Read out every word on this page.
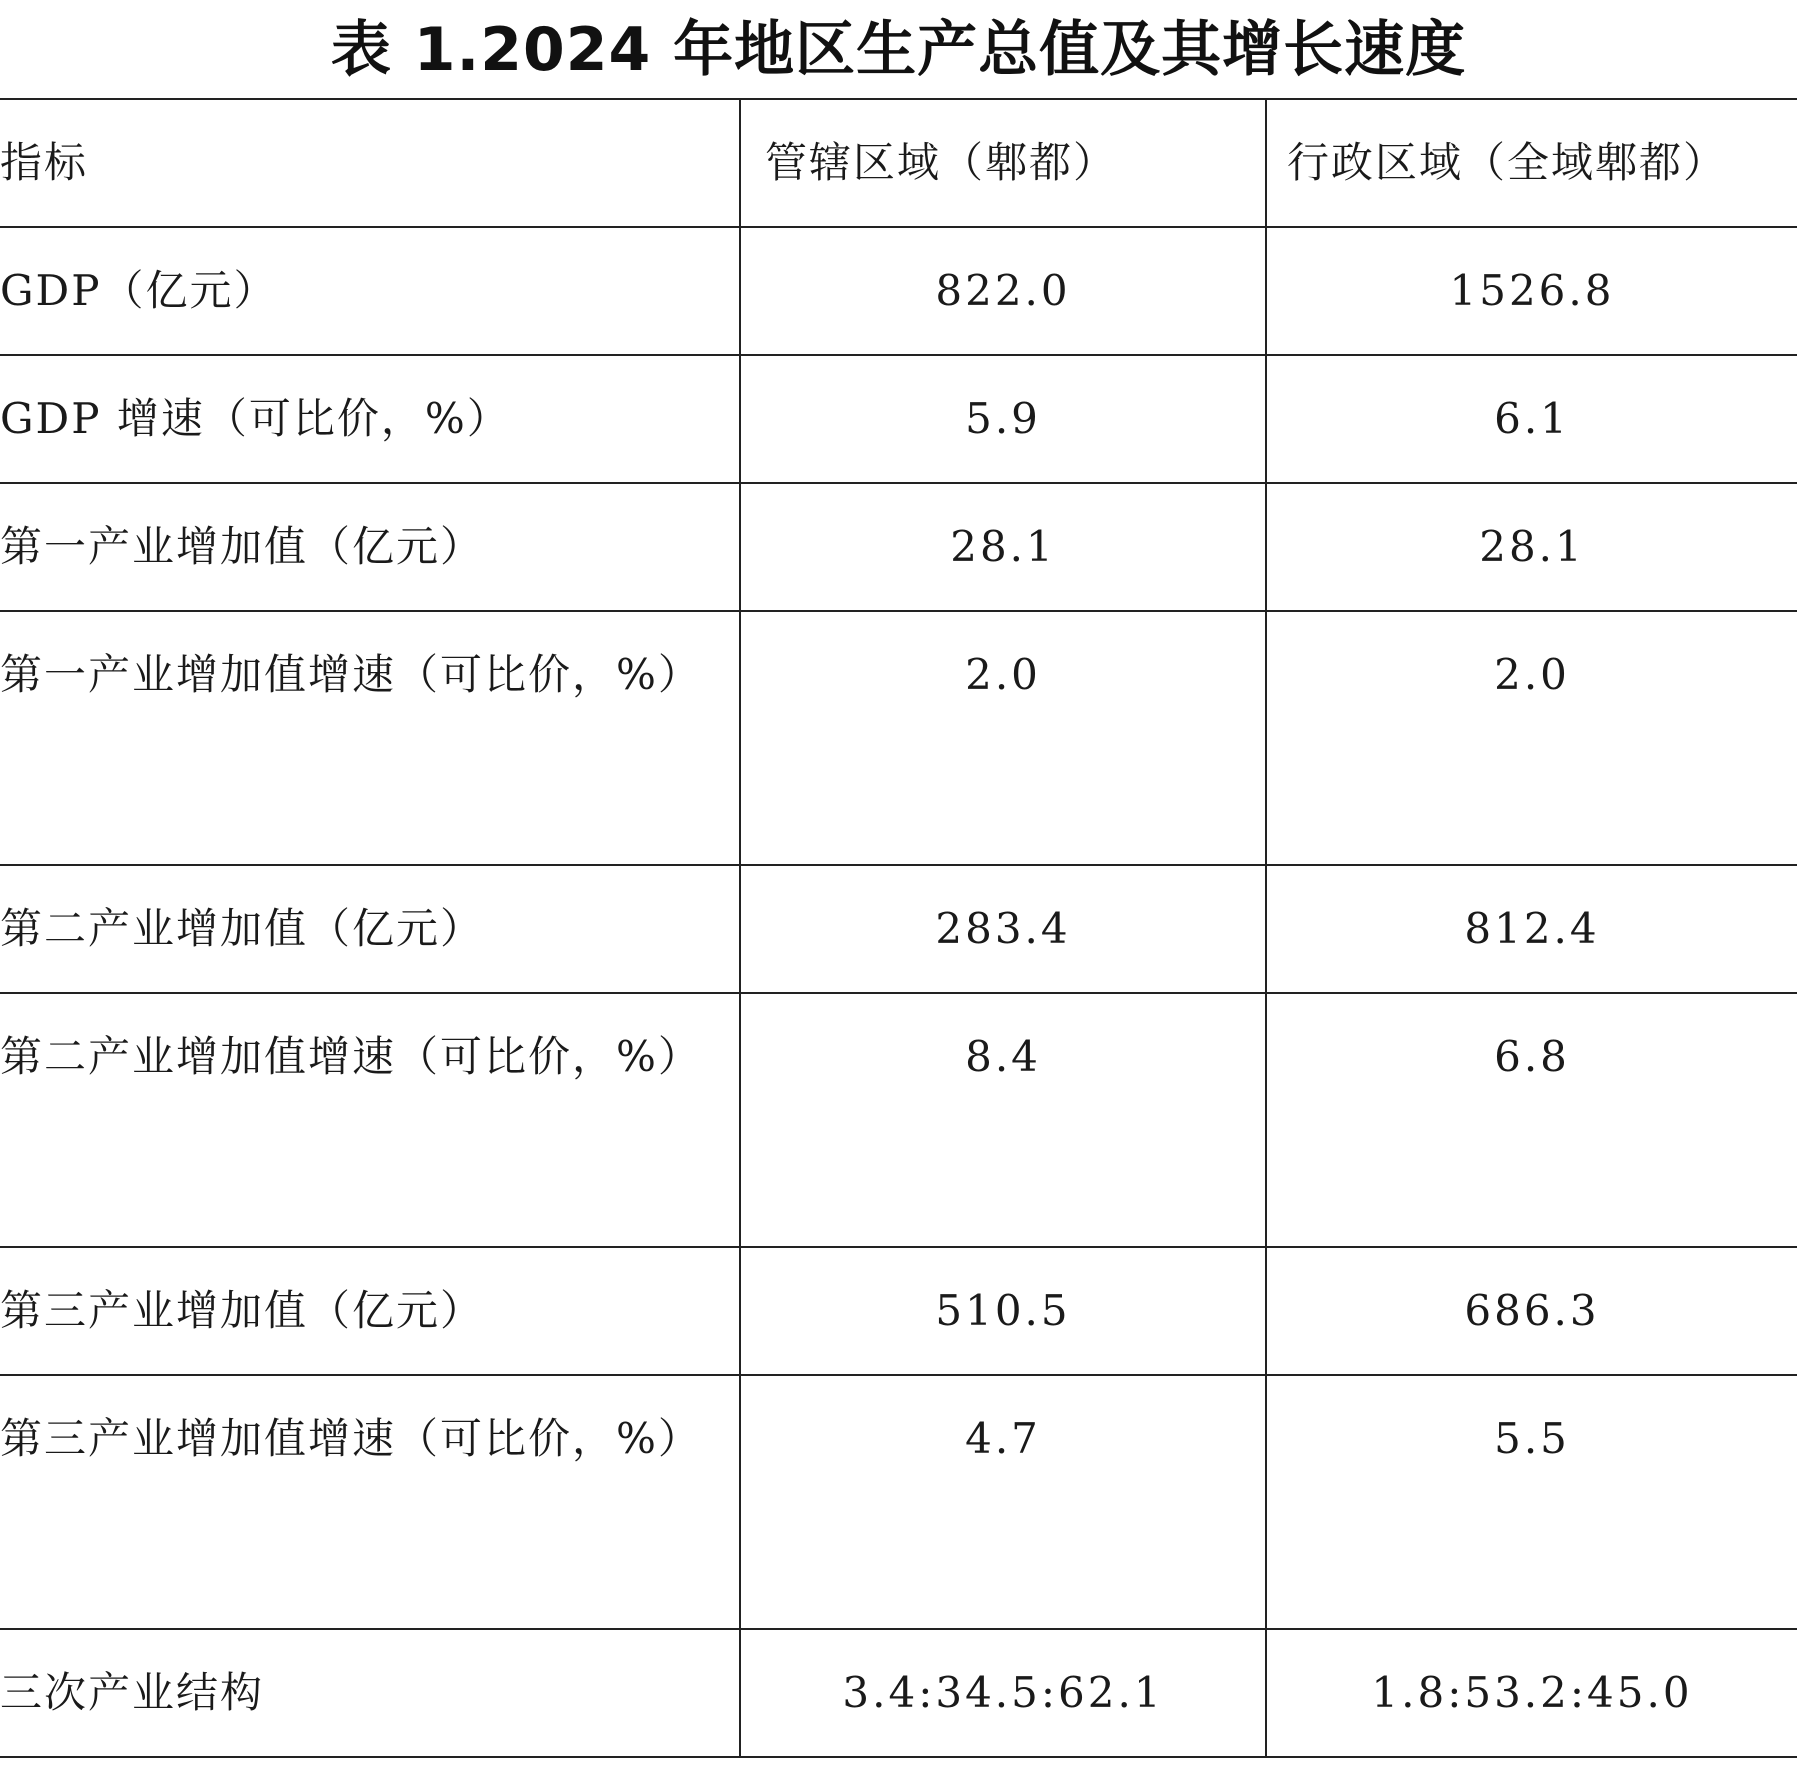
表 1.2024 年地区生产总值及其增长速度
指标	管辖区域（郫都）	行政区域（全域郫都）
GDP（亿元）	822.0	1526.8
GDP 增速（可比价，%）	5.9	6.1
第一产业增加值（亿元）	28.1	28.1
第一产业增加值增速（可比价，%）	2.0	2.0
第二产业增加值（亿元）	283.4	812.4
第二产业增加值增速（可比价，%）	8.4	6.8
第三产业增加值（亿元）	510.5	686.3
第三产业增加值增速（可比价，%）	4.7	5.5
三次产业结构	3.4:34.5:62.1	1.8:53.2:45.0
